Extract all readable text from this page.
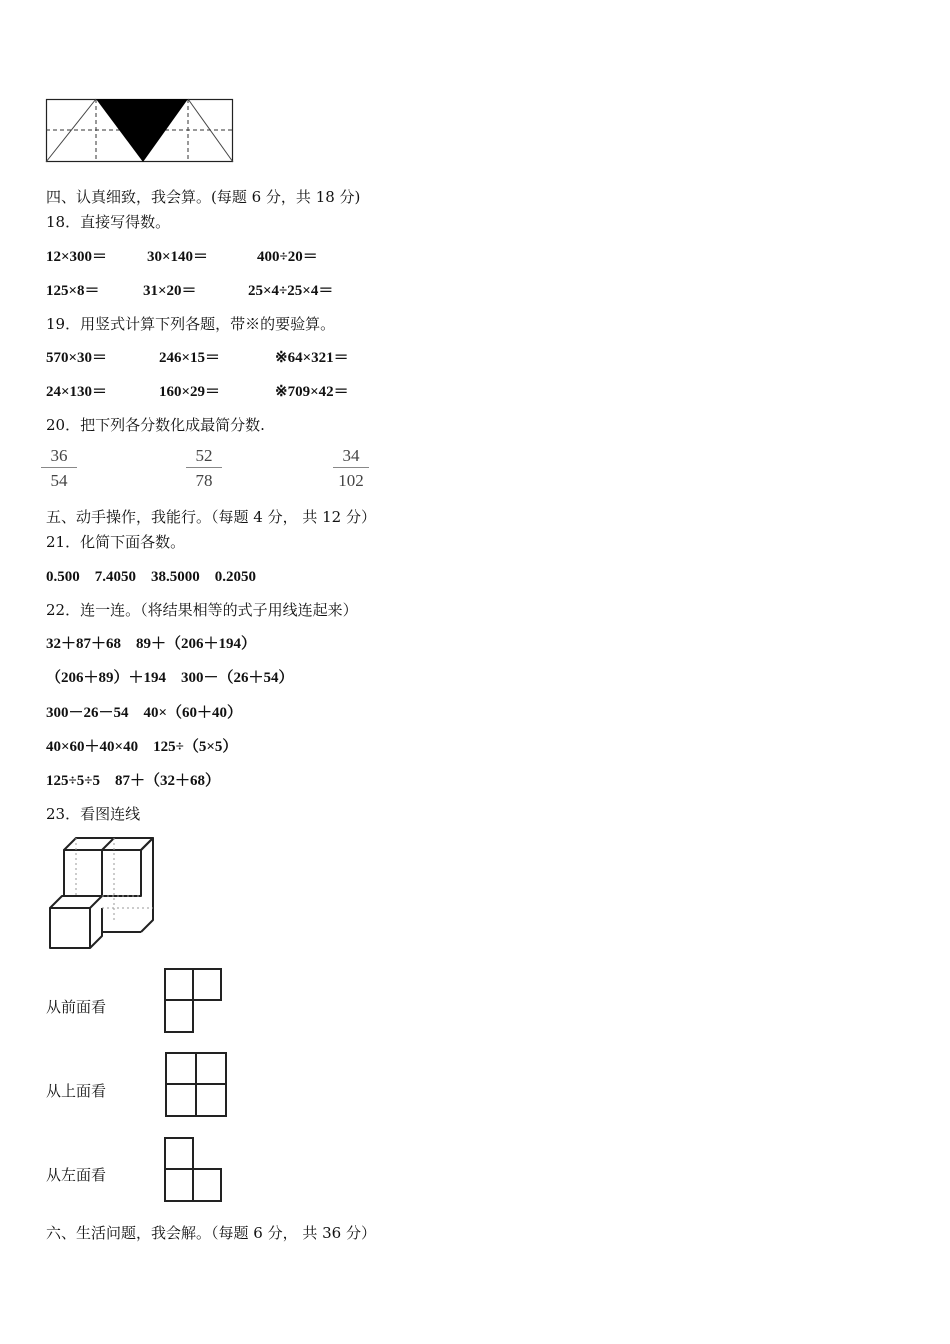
四、认真细致，我会算。(每题 6 分，共 18 分)
18．直接写得数。
12×300＝	30×140＝	400÷20＝
125×8＝	31×20＝	25×4÷25×4＝
19．用竖式计算下列各题，带※的要验算。
570×30＝	246×15＝	※64×321＝
24×130＝	160×29＝	※709×42＝
20．把下列各分数化成最简分数.
36
54
52
78
34
102
五、动手操作，我能行。（每题 4 分， 共 12 分）
21．化简下面各数。
0.500　7.4050　38.5000　0.2050
22．连一连。（将结果相等的式子用线连起来）
32＋87＋68　89＋（206＋194）
（206＋89）＋194　300－（26＋54）
300－26－54　40×（60＋40）
40×60＋40×40　125÷（5×5）
125÷5÷5　87＋（32＋68）
23．看图连线
从前面看
从上面看
从左面看
六、生活问题，我会解。（每题 6 分， 共 36 分）
